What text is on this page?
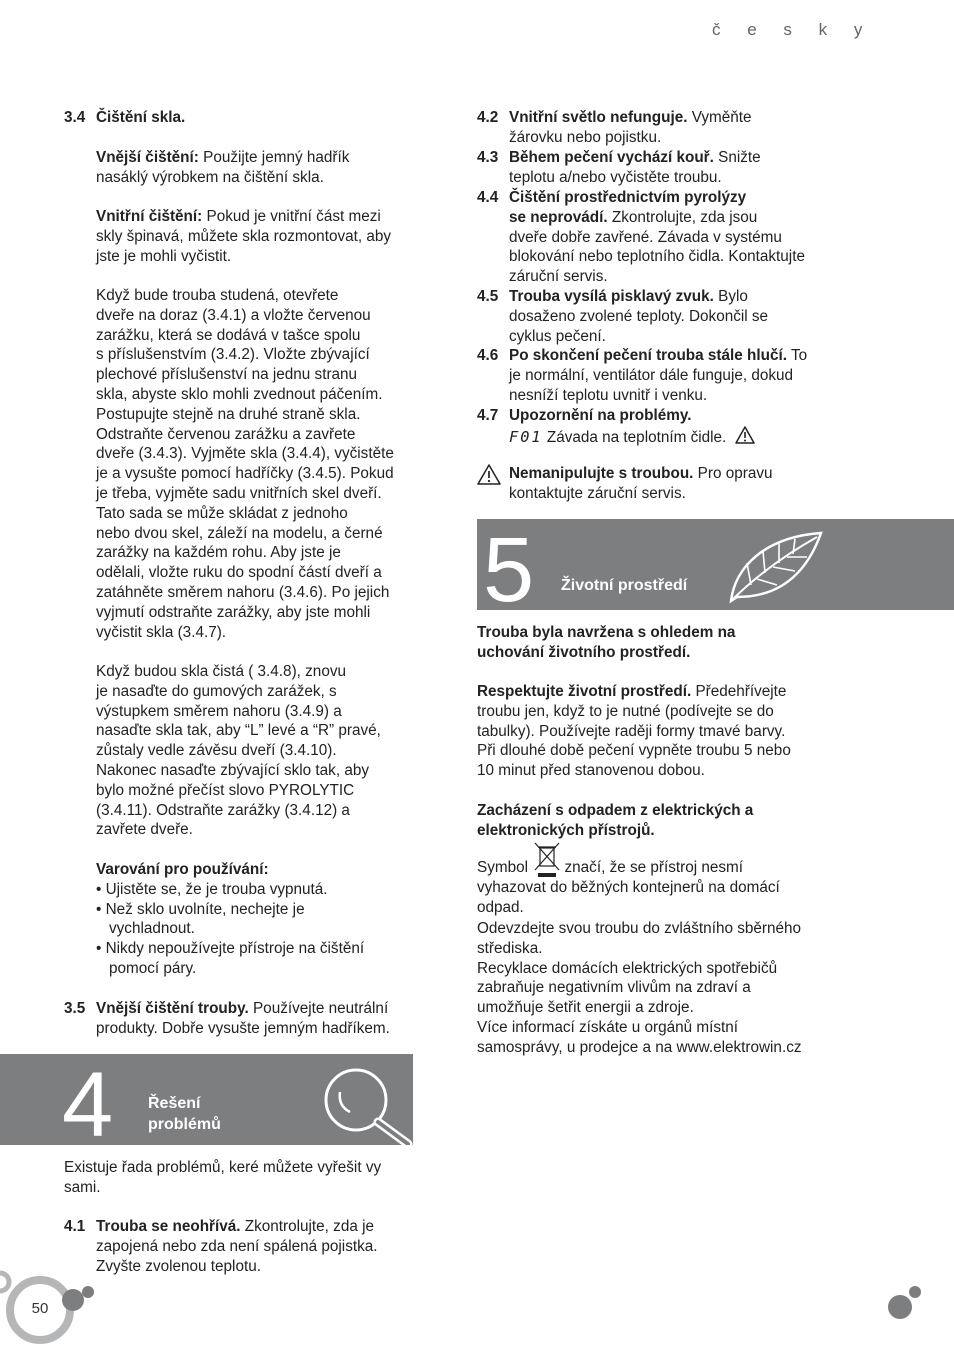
č e s k y
3.4 Čištění skla.
Vnější čištění: Použijte jemný hadřík
nasáklý výrobkem na čištění skla.
Vnitřní čištění: Pokud je vnitřní část mezi
skly špinavá, můžete skla rozmontovat, aby
jste je mohli vyčistit.
Když bude trouba studená, otevřete
dveře na doraz (3.4.1) a vložte červenou
zarážku, která se dodává v tašce spolu
s příslušenstvím (3.4.2). Vložte zbývající
plechové příslušenství na jednu stranu
skla, abyste sklo mohli zvednout páčením.
Postupujte stejně na druhé straně skla.
Odstraňte červenou zarážku a zavřete
dveře (3.4.3). Vyjměte skla (3.4.4), vyčistěte
je a vysušte pomocí hadříčky (3.4.5). Pokud
je třeba, vyjměte sadu vnitřních skel dveří.
Tato sada se může skládat z jednoho
nebo dvou skel, záleží na modelu, a černé
zarážky na každém rohu. Aby jste je
odělali, vložte ruku do spodní částí dveří a
zatáhněte směrem nahoru (3.4.6). Po jejich
vyjmutí odstraňte zarážky, aby jste mohli
vyčistit skla (3.4.7).
Když budou skla čistá ( 3.4.8), znovu
je nasaďte do gumových zarážek, s
výstupkem směrem nahoru (3.4.9) a
nasaďte skla tak, aby “L” levé a “R” pravé,
zůstaly vedle závěsu dveří (3.4.10).
Nakonec nasaďte zbývající sklo tak, aby
bylo možné přečíst slovo PYROLYTIC
(3.4.11). Odstraňte zarážky (3.4.12) a
zavřete dveře.
Varování pro používání:
• Ujistěte se, že je trouba vypnutá.
• Než sklo uvolníte, nechejte je
vychladnout.
• Nikdy nepoužívejte přístroje na čištění
pomocí páry.
3.5 Vnější čištění trouby. Používejte neutrální
produkty. Dobře vysušte jemným hadříkem.
4 Řešení
problémů
Existuje řada problémů, keré můžete vyřešit vy
sami.
4.1 Trouba se neohřívá. Zkontrolujte, zda je
zapojená nebo zda není spálená pojistka.
Zvyšte zvolenou teplotu.
50
4.2 Vnitřní světlo nefunguje. Vyměňte
žárovku nebo pojistku.
4.3 Během pečení vychází kouř. Snižte
teplotu a/nebo vyčistěte troubu.
4.4 Čištění prostřednictvím pyrolýzy
se neprovádí. Zkontrolujte, zda jsou
dveře dobře zavřené. Závada v systému
blokování nebo teplotního čidla. Kontaktujte
záruční servis.
4.5 Trouba vysílá pisklavý zvuk. Bylo
dosaženo zvolené teploty. Dokončil se
cyklus pečení.
4.6 Po skončení pečení trouba stále hlučí. To
je normální, ventilátor dále funguje, dokud
nesníží teplotu uvnitř i venku.
4.7 Upozornění na problémy.
F01 Závada na teplotním čidle.
Nemanipulujte s troubou. Pro opravu
kontaktujte záruční servis.
5 Životní prostředí
Trouba byla navržena s ohledem na
uchování životního prostředí.
Respektujte životní prostředí. Předehřívejte
troubu jen, když to je nutné (podívejte se do
tabulky). Používejte raději formy tmavé barvy.
Při dlouhé době pečení vypněte troubu 5 nebo
10 minut před stanovenou dobou.
Zacházení s odpadem z elektrických a
elektronických přístrojů.
Symbol  značí, že se přístroj nesmí
vyhazovat do běžných kontejnerů na domácí
odpad.
Odevzdejte svou troubu do zvláštního sběrného
střediska.
Recyklace domácích elektrických spotřebičů
zabraňuje negativním vlivům na zdraví a
umožňuje šetřit energii a zdroje.
Více informací získáte u orgánů místní
samosprávy, u prodejce a na www.elektrowin.cz
